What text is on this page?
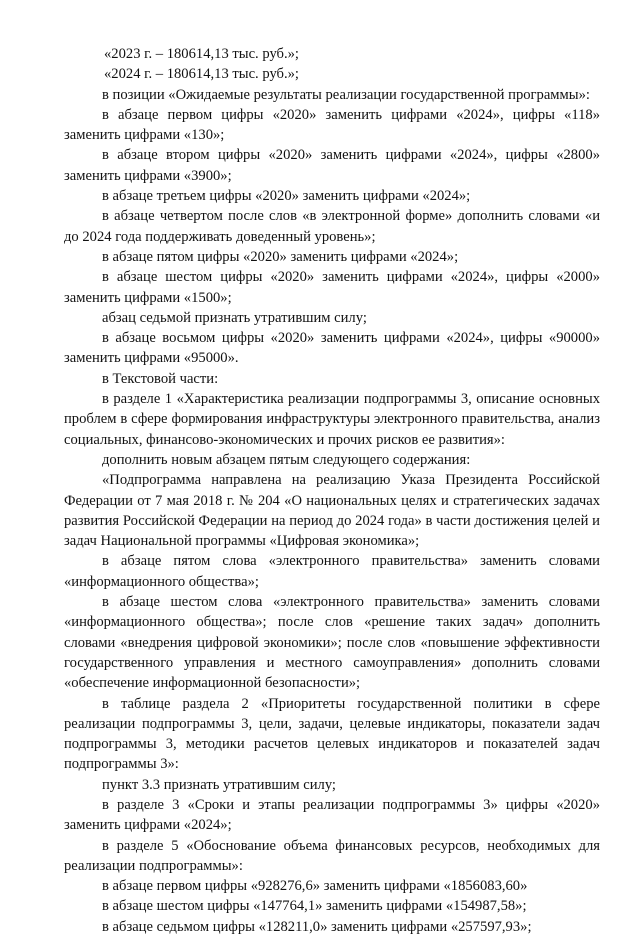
«2023 г. – 180614,13 тыс. руб.»;

«2024 г. – 180614,13 тыс. руб.»;

в позиции «Ожидаемые результаты реализации государственной программы»:

в абзаце первом цифры «2020» заменить цифрами «2024», цифры «118» заменить цифрами «130»;

в абзаце втором цифры «2020» заменить цифрами «2024», цифры «2800» заменить цифрами «3900»;

в абзаце третьем цифры «2020» заменить цифрами «2024»;

в абзаце четвертом после слов «в электронной форме» дополнить словами «и до 2024 года поддерживать доведенный уровень»;

в абзаце пятом цифры «2020» заменить цифрами «2024»;

в абзаце шестом цифры «2020» заменить цифрами «2024», цифры «2000» заменить цифрами «1500»;

абзац седьмой признать утратившим силу;

в абзаце восьмом цифры «2020» заменить цифрами «2024», цифры «90000» заменить цифрами «95000».

в Текстовой части:

в разделе 1 «Характеристика реализации подпрограммы 3, описание основных проблем в сфере формирования инфраструктуры электронного правительства, анализ социальных, финансово-экономических и прочих рисков ее развития»:

дополнить новым абзацем пятым следующего содержания:

«Подпрограмма направлена на реализацию Указа Президента Российской Федерации от 7 мая 2018 г. № 204 «О национальных целях и стратегических задачах развития Российской Федерации на период до 2024 года» в части достижения целей и задач Национальной программы «Цифровая экономика»;

в абзаце пятом слова «электронного правительства» заменить словами «информационного общества»;

в абзаце шестом слова «электронного правительства» заменить словами «информационного общества»; после слов «решение таких задач» дополнить словами «внедрения цифровой экономики»; после слов «повышение эффективности государственного управления и местного самоуправления» дополнить словами «обеспечение информационной безопасности»;

в таблице раздела 2 «Приоритеты государственной политики в сфере реализации подпрограммы 3, цели, задачи, целевые индикаторы, показатели задач подпрограммы 3, методики расчетов целевых индикаторов и показателей задач подпрограммы 3»:

пункт 3.3 признать утратившим силу;

в разделе 3 «Сроки и этапы реализации подпрограммы 3» цифры «2020» заменить цифрами «2024»;

в разделе 5 «Обоснование объема финансовых ресурсов, необходимых для реализации подпрограммы»:

в абзаце первом цифры «928276,6» заменить цифрами «1856083,60»

в абзаце шестом цифры «147764,1» заменить цифрами «154987,58»;

в абзаце седьмом цифры «128211,0» заменить цифрами «257597,93»;
